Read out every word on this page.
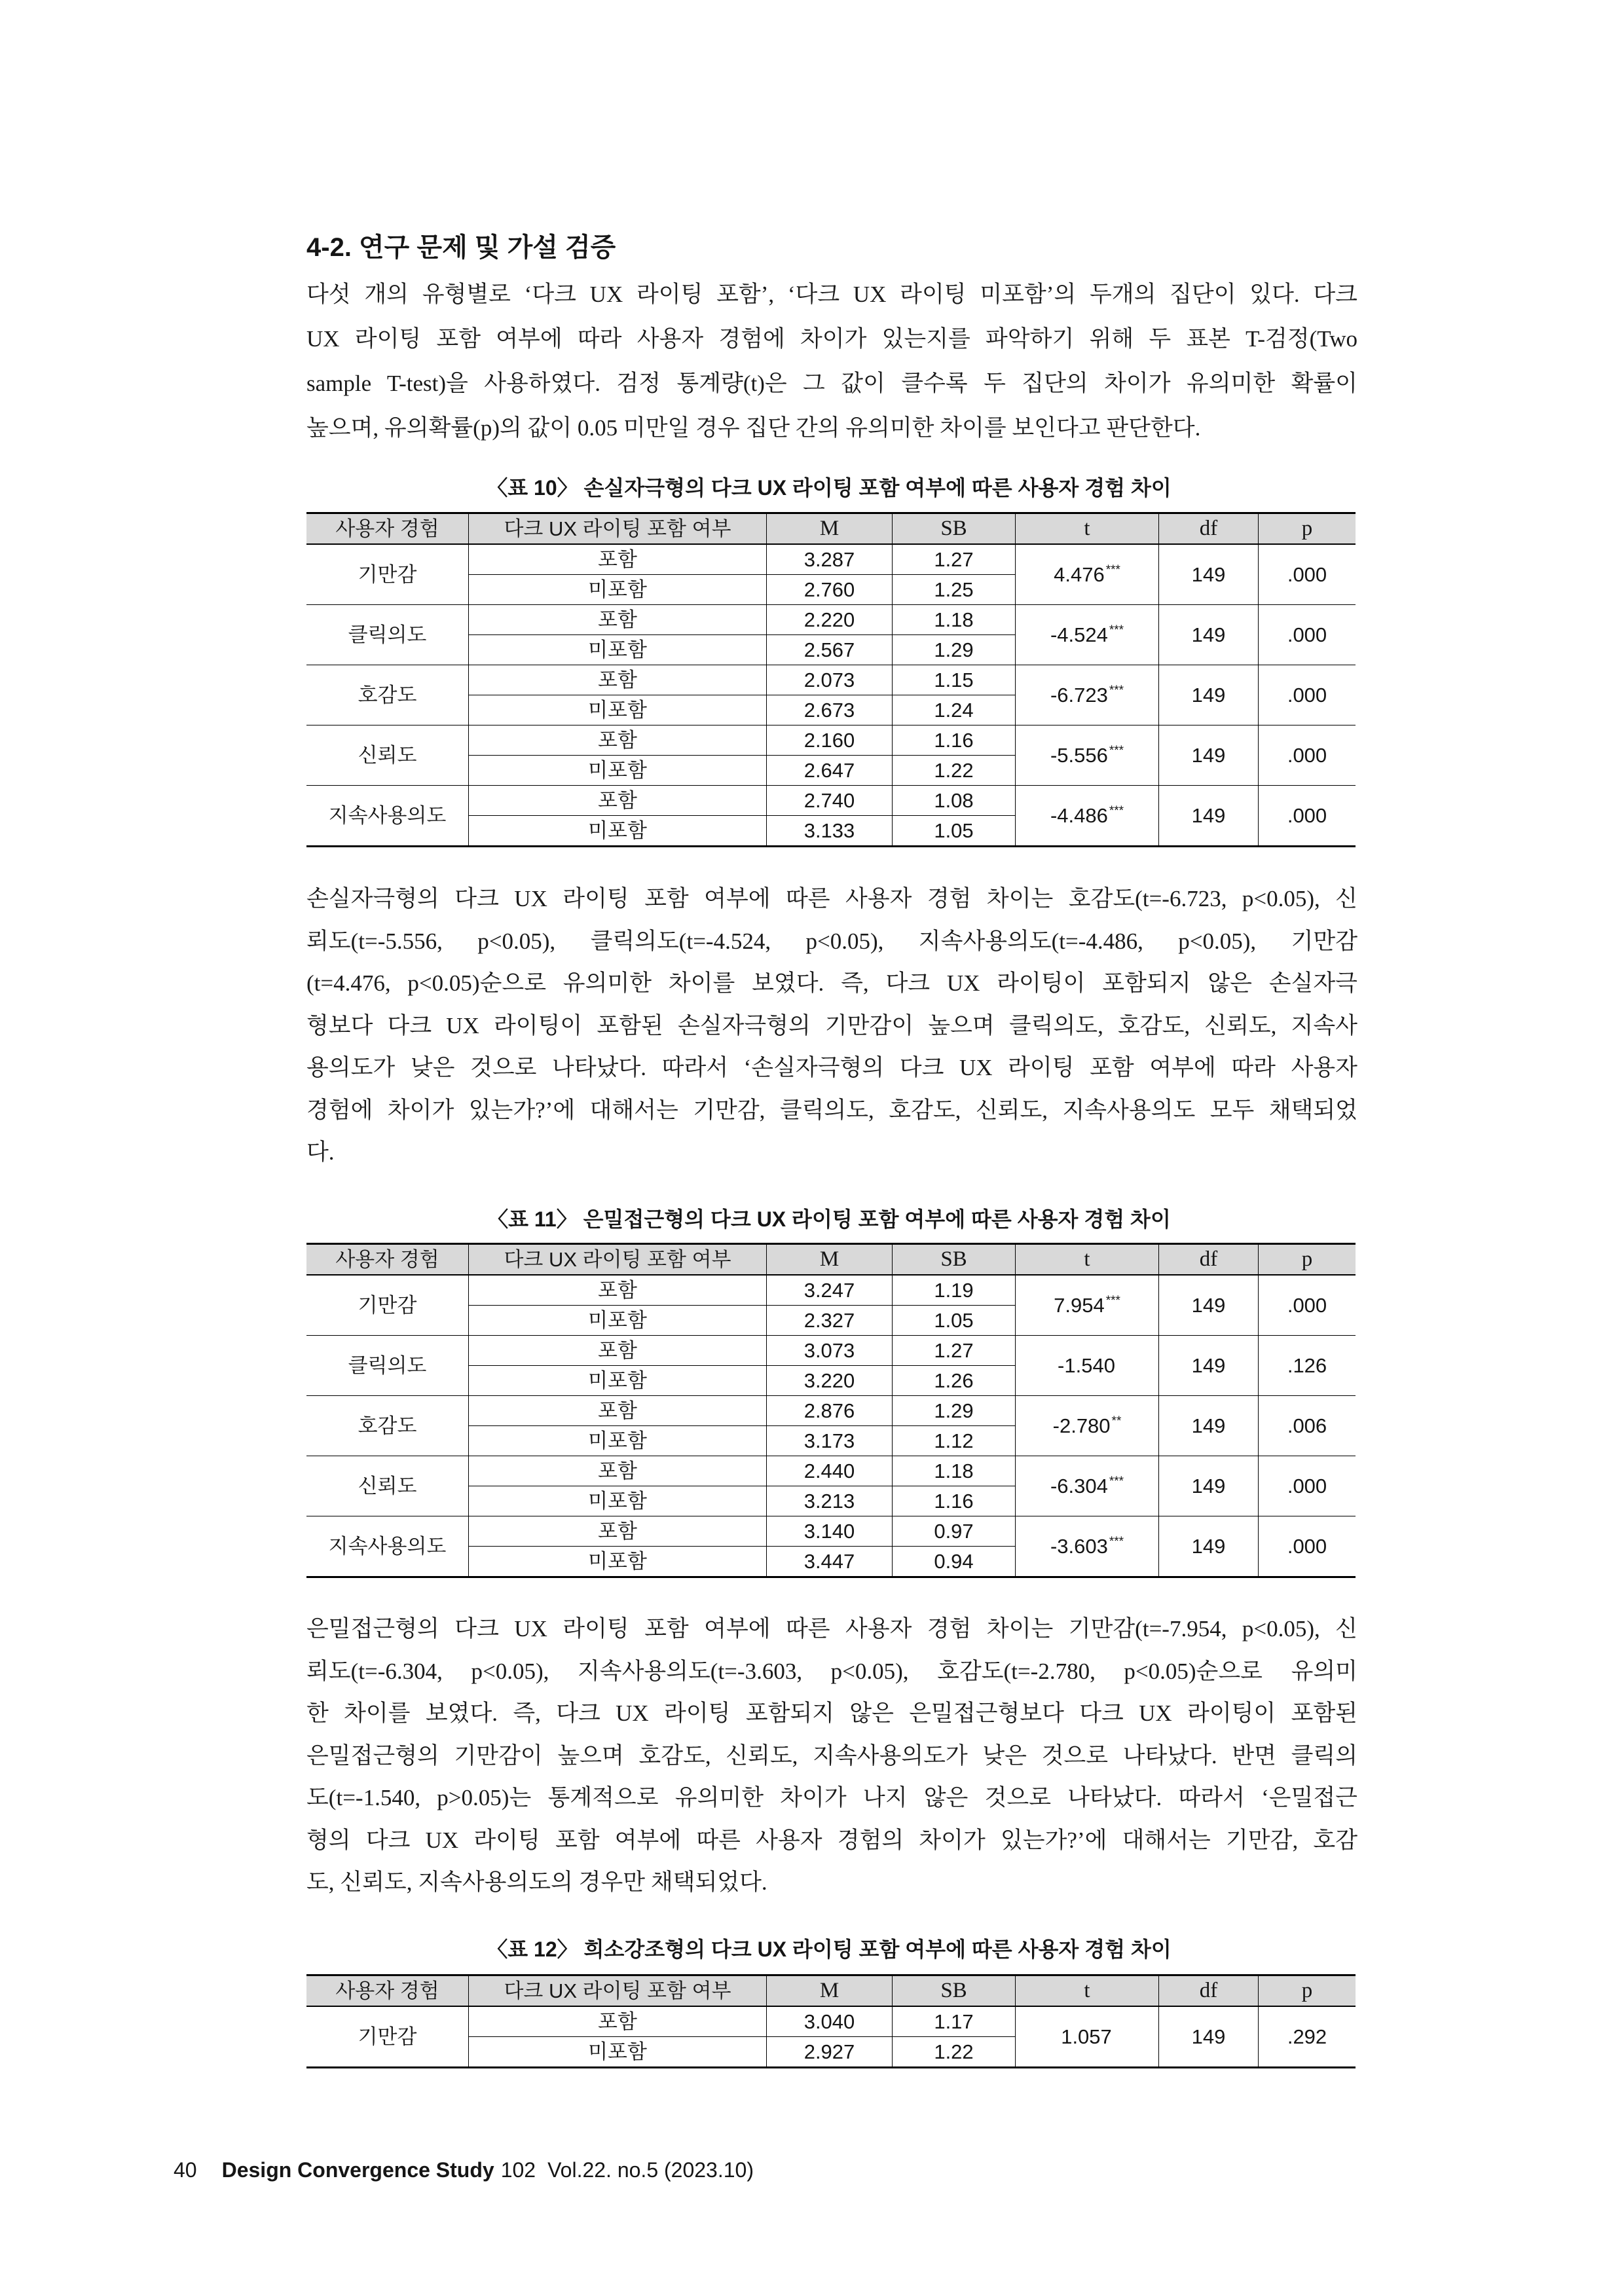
4-2. 연구 문제 및 가설 검증
다섯 개의 유형별로 ‘다크 UX 라이팅 포함’, ‘다크 UX 라이팅 미포함’의 두개의 집단이 있다. 다크
UX 라이팅 포함 여부에 따라 사용자 경험에 차이가 있는지를 파악하기 위해 두 표본 T-검정(Two
sample T-test)을 사용하였다. 검정 통계량(t)은 그 값이 클수록 두 집단의 차이가 유의미한 확률이
높으며, 유의확률(p)의 값이 0.05 미만일 경우 집단 간의 유의미한 차이를 보인다고 판단한다.
〈표 10〉 손실자극형의 다크 UX 라이팅 포함 여부에 따른 사용자 경험 차이
사용자 경험	다크 UX 라이팅 포함 여부	M	SB	t	df	p
기만감	포함	3.287	1.27	4.476 ***	149	.000
	미포함	2.760	1.25			
클릭의도	포함	2.220	1.18	-4.524 ***	149	.000
	미포함	2.567	1.29			
호감도	포함	2.073	1.15	-6.723 ***	149	.000
	미포함	2.673	1.24			
신뢰도	포함	2.160	1.16	-5.556 ***	149	.000
	미포함	2.647	1.22			
지속사용의도	포함	2.740	1.08	-4.486 ***	149	.000
	미포함	3.133	1.05			
손실자극형의 다크 UX 라이팅 포함 여부에 따른 사용자 경험 차이는 호감도(t=-6.723, p<0.05), 신
뢰도(t=-5.556, p<0.05), 클릭의도(t=-4.524, p<0.05), 지속사용의도(t=-4.486, p<0.05), 기만감
(t=4.476, p<0.05)순으로 유의미한 차이를 보였다. 즉, 다크 UX 라이팅이 포함되지 않은 손실자극
형보다 다크 UX 라이팅이 포함된 손실자극형의 기만감이 높으며 클릭의도, 호감도, 신뢰도, 지속사
용의도가 낮은 것으로 나타났다. 따라서 ‘손실자극형의 다크 UX 라이팅 포함 여부에 따라 사용자
경험에 차이가 있는가?’에 대해서는 기만감, 클릭의도, 호감도, 신뢰도, 지속사용의도 모두 채택되었
다.
〈표 11〉 은밀접근형의 다크 UX 라이팅 포함 여부에 따른 사용자 경험 차이
사용자 경험	다크 UX 라이팅 포함 여부	M	SB	t	df	p
기만감	포함	3.247	1.19	7.954 ***	149	.000
	미포함	2.327	1.05			
클릭의도	포함	3.073	1.27	-1.540	149	.126
	미포함	3.220	1.26			
호감도	포함	2.876	1.29	-2.780 **	149	.006
	미포함	3.173	1.12			
신뢰도	포함	2.440	1.18	-6.304 ***	149	.000
	미포함	3.213	1.16			
지속사용의도	포함	3.140	0.97	-3.603 ***	149	.000
	미포함	3.447	0.94			
은밀접근형의 다크 UX 라이팅 포함 여부에 따른 사용자 경험 차이는 기만감(t=-7.954, p<0.05), 신
뢰도(t=-6.304, p<0.05), 지속사용의도(t=-3.603, p<0.05), 호감도(t=-2.780, p<0.05)순으로 유의미
한 차이를 보였다. 즉, 다크 UX 라이팅 포함되지 않은 은밀접근형보다 다크 UX 라이팅이 포함된
은밀접근형의 기만감이 높으며 호감도, 신뢰도, 지속사용의도가 낮은 것으로 나타났다. 반면 클릭의
도(t=-1.540, p>0.05)는 통계적으로 유의미한 차이가 나지 않은 것으로 나타났다. 따라서 ‘은밀접근
형의 다크 UX 라이팅 포함 여부에 따른 사용자 경험의 차이가 있는가?’에 대해서는 기만감, 호감
도, 신뢰도, 지속사용의도의 경우만 채택되었다.
〈표 12〉 희소강조형의 다크 UX 라이팅 포함 여부에 따른 사용자 경험 차이
사용자 경험	다크 UX 라이팅 포함 여부	M	SB	t	df	p
기만감	포함	3.040	1.17	1.057	149	.292
	미포함	2.927	1.22			
40 Design Convergence Study 102 Vol.22. no.5 (2023.10)
